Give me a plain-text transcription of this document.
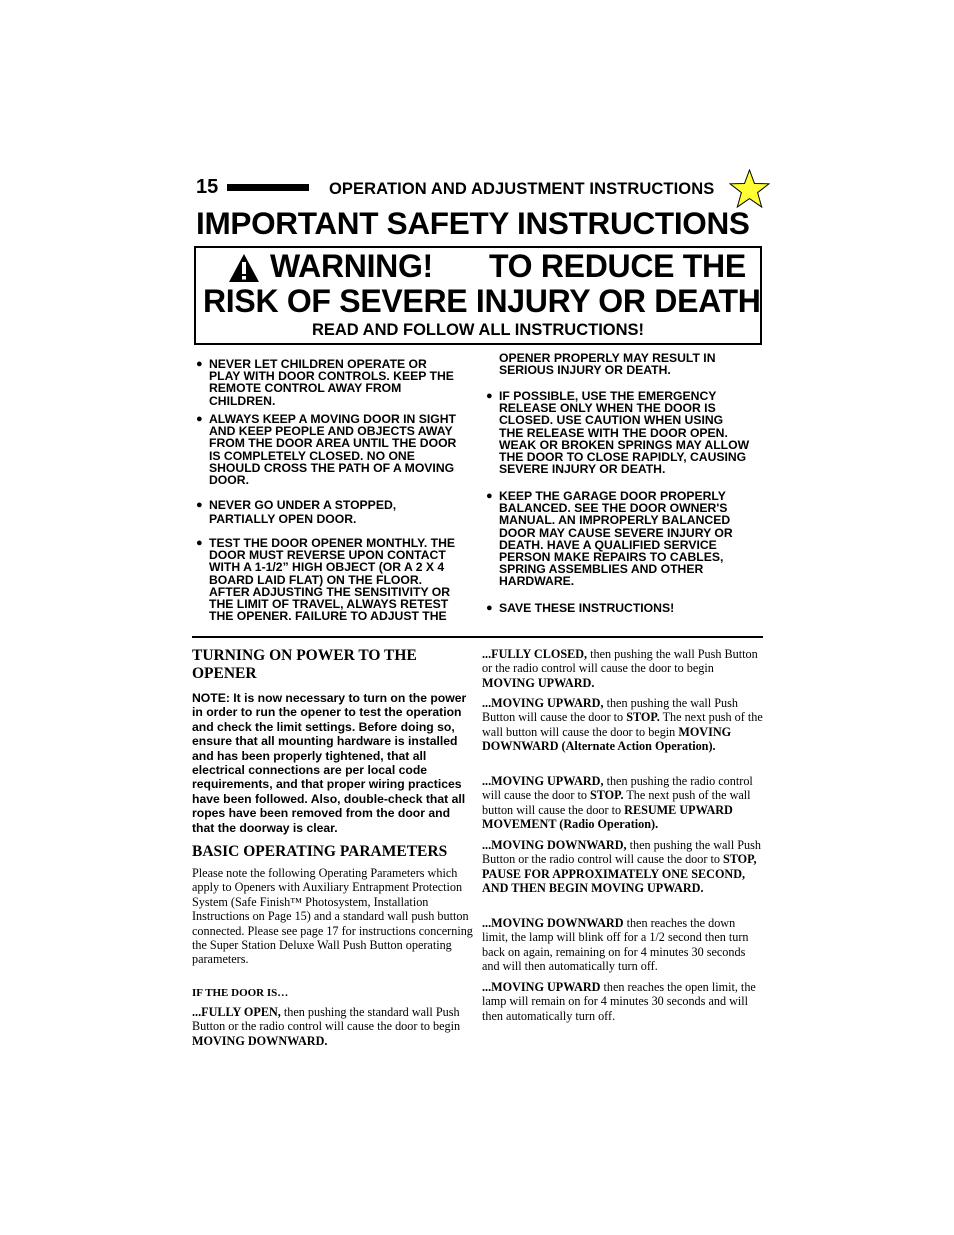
15	OPERATION AND ADJUSTMENT INSTRUCTIONS
IMPORTANT SAFETY INSTRUCTIONS
WARNING! TO REDUCE THE
RISK OF SEVERE INJURY OR DEATH
READ AND FOLLOW ALL INSTRUCTIONS!
● NEVER LET CHILDREN OPERATE OR
PLAY WITH DOOR CONTROLS. KEEP THE
REMOTE CONTROL AWAY FROM
CHILDREN.
● ALWAYS KEEP A MOVING DOOR IN SIGHT
AND KEEP PEOPLE AND OBJECTS AWAY
FROM THE DOOR AREA UNTIL THE DOOR
IS COMPLETELY CLOSED. NO ONE
SHOULD CROSS THE PATH OF A MOVING
DOOR.
● NEVER GO UNDER A STOPPED,
PARTIALLY OPEN DOOR.
● TEST THE DOOR OPENER MONTHLY. THE
DOOR MUST REVERSE UPON CONTACT
WITH A 1-1/2” HIGH OBJECT (OR A 2 X 4
BOARD LAID FLAT) ON THE FLOOR.
AFTER ADJUSTING THE SENSITIVITY OR
THE LIMIT OF TRAVEL, ALWAYS RETEST
THE OPENER. FAILURE TO ADJUST THE
OPENER PROPERLY MAY RESULT IN
SERIOUS INJURY OR DEATH.
● IF POSSIBLE, USE THE EMERGENCY
RELEASE ONLY WHEN THE DOOR IS
CLOSED. USE CAUTION WHEN USING
THE RELEASE WITH THE DOOR OPEN.
WEAK OR BROKEN SPRINGS MAY ALLOW
THE DOOR TO CLOSE RAPIDLY, CAUSING
SEVERE INJURY OR DEATH.
● KEEP THE GARAGE DOOR PROPERLY
BALANCED. SEE THE DOOR OWNER'S
MANUAL. AN IMPROPERLY BALANCED
DOOR MAY CAUSE SEVERE INJURY OR
DEATH. HAVE A QUALIFIED SERVICE
PERSON MAKE REPAIRS TO CABLES,
SPRING ASSEMBLIES AND OTHER
HARDWARE.
● SAVE THESE INSTRUCTIONS!
TURNING ON POWER TO THE OPENER
NOTE: It is now necessary to turn on the power in order to run the opener to test the operation and check the limit settings. Before doing so, ensure that all mounting hardware is installed and has been properly tightened, that all electrical connections are per local code requirements, and that proper wiring practices have been followed. Also, double-check that all ropes have been removed from the door and that the doorway is clear.
BASIC OPERATING PARAMETERS
Please note the following Operating Parameters which apply to Openers with Auxiliary Entrapment Protection System (Safe Finish™ Photosystem, Installation Instructions on Page 15) and a standard wall push button connected. Please see page 17 for instructions concerning the Super Station Deluxe Wall Push Button operating parameters.
IF THE DOOR IS…
...FULLY OPEN, then pushing the standard wall Push Button or the radio control will cause the door to begin MOVING DOWNWARD.
...FULLY CLOSED, then pushing the wall Push Button or the radio control will cause the door to begin MOVING UPWARD.
...MOVING UPWARD, then pushing the wall Push Button will cause the door to STOP. The next push of the wall button will cause the door to begin MOVING DOWNWARD (Alternate Action Operation).
...MOVING UPWARD, then pushing the radio control will cause the door to STOP. The next push of the wall button will cause the door to RESUME UPWARD MOVEMENT (Radio Operation).
...MOVING DOWNWARD, then pushing the wall Push Button or the radio control will cause the door to STOP, PAUSE FOR APPROXIMATELY ONE SECOND, AND THEN BEGIN MOVING UPWARD.
...MOVING DOWNWARD then reaches the down limit, the lamp will blink off for a 1/2 second then turn back on again, remaining on for 4 minutes 30 seconds and will then automatically turn off.
...MOVING UPWARD then reaches the open limit, the lamp will remain on for 4 minutes 30 seconds and will then automatically turn off.
